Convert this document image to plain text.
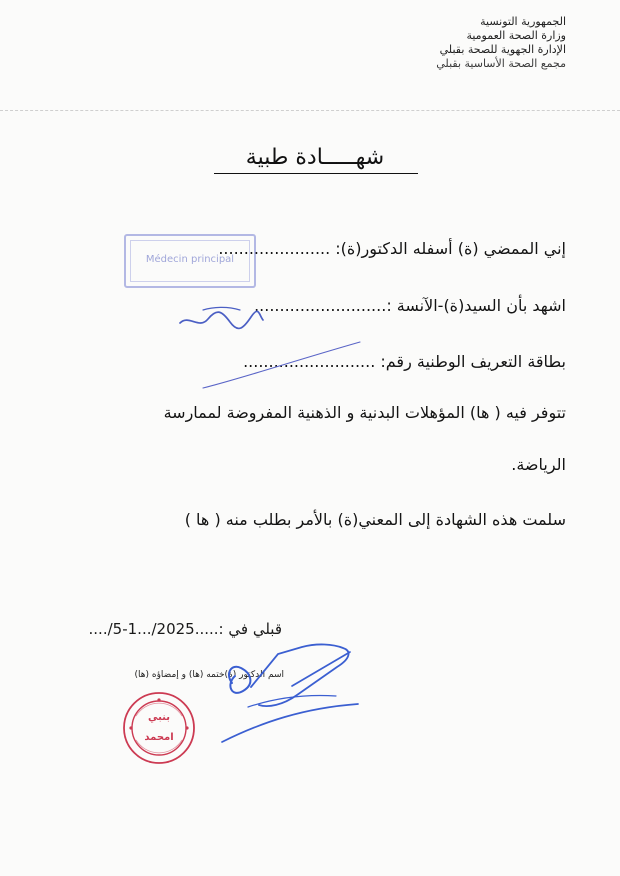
الجمهورية التونسية
وزارة الصحة العمومية
الإدارة الجهوية للصحة بقبلي
مجمع الصحة الأساسية بقبلي
شهـــــادة طبية
Médecin principal
إني الممضي (ة) أسفله الدكتور(ة): ......................
اشهد بأن السيد(ة)-الآنسة :..........................
بطاقة التعريف الوطنية رقم: ..........................
تتوفر فيه ( ها) المؤهلات البدنية و الذهنية المفروضة لممارسة
الرياضة.
سلمت هذه الشهادة إلى المعني(ة) بالأمر بطلب منه ( ها )
قبلي في :.....2025/...1-5/....
اسم الدكتور (ة)ختمه (ها) و إمضاؤه (ها)
بنبي
امحمد
